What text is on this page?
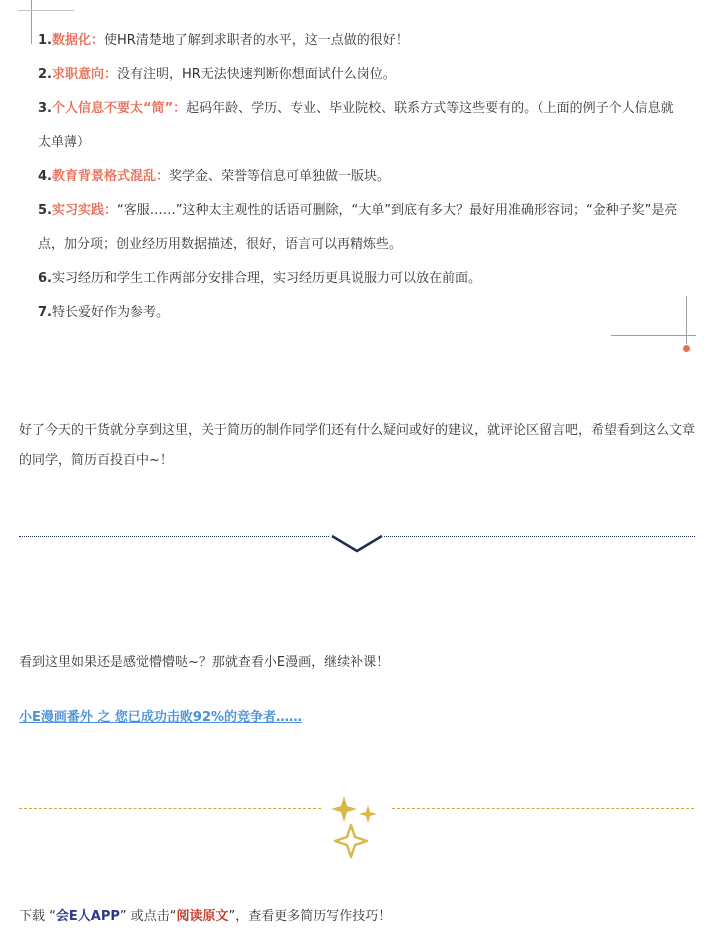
1.数据化：使HR清楚地了解到求职者的水平，这一点做的很好！

2.求职意向：没有注明，HR无法快速判断你想面试什么岗位。

3.个人信息不要太“简”：起码年龄、学历、专业、毕业院校、联系方式等这些要有的。（上面的例子个人信息就太单薄）

4.教育背景格式混乱：奖学金、荣誉等信息可单独做一版块。

5.实习实践：“客服……”这种太主观性的话语可删除，“大单”到底有多大？最好用准确形容词；“金种子奖”是亮点，加分项；创业经历用数据描述，很好，语言可以再精炼些。

6.实习经历和学生工作两部分安排合理，实习经历更具说服力可以放在前面。

7.特长爱好作为参考。

好了今天的干货就分享到这里，关于简历的制作同学们还有什么疑问或好的建议，就评论区留言吧，希望看到这么文章的同学，简历百投百中~！

看到这里如果还是感觉懵懵哒~？那就查看小E漫画，继续补课！

小E漫画番外 之 您已成功击败92%的竞争者……

下载 “会E人APP” 或点击“阅读原文”，查看更多简历写作技巧！
